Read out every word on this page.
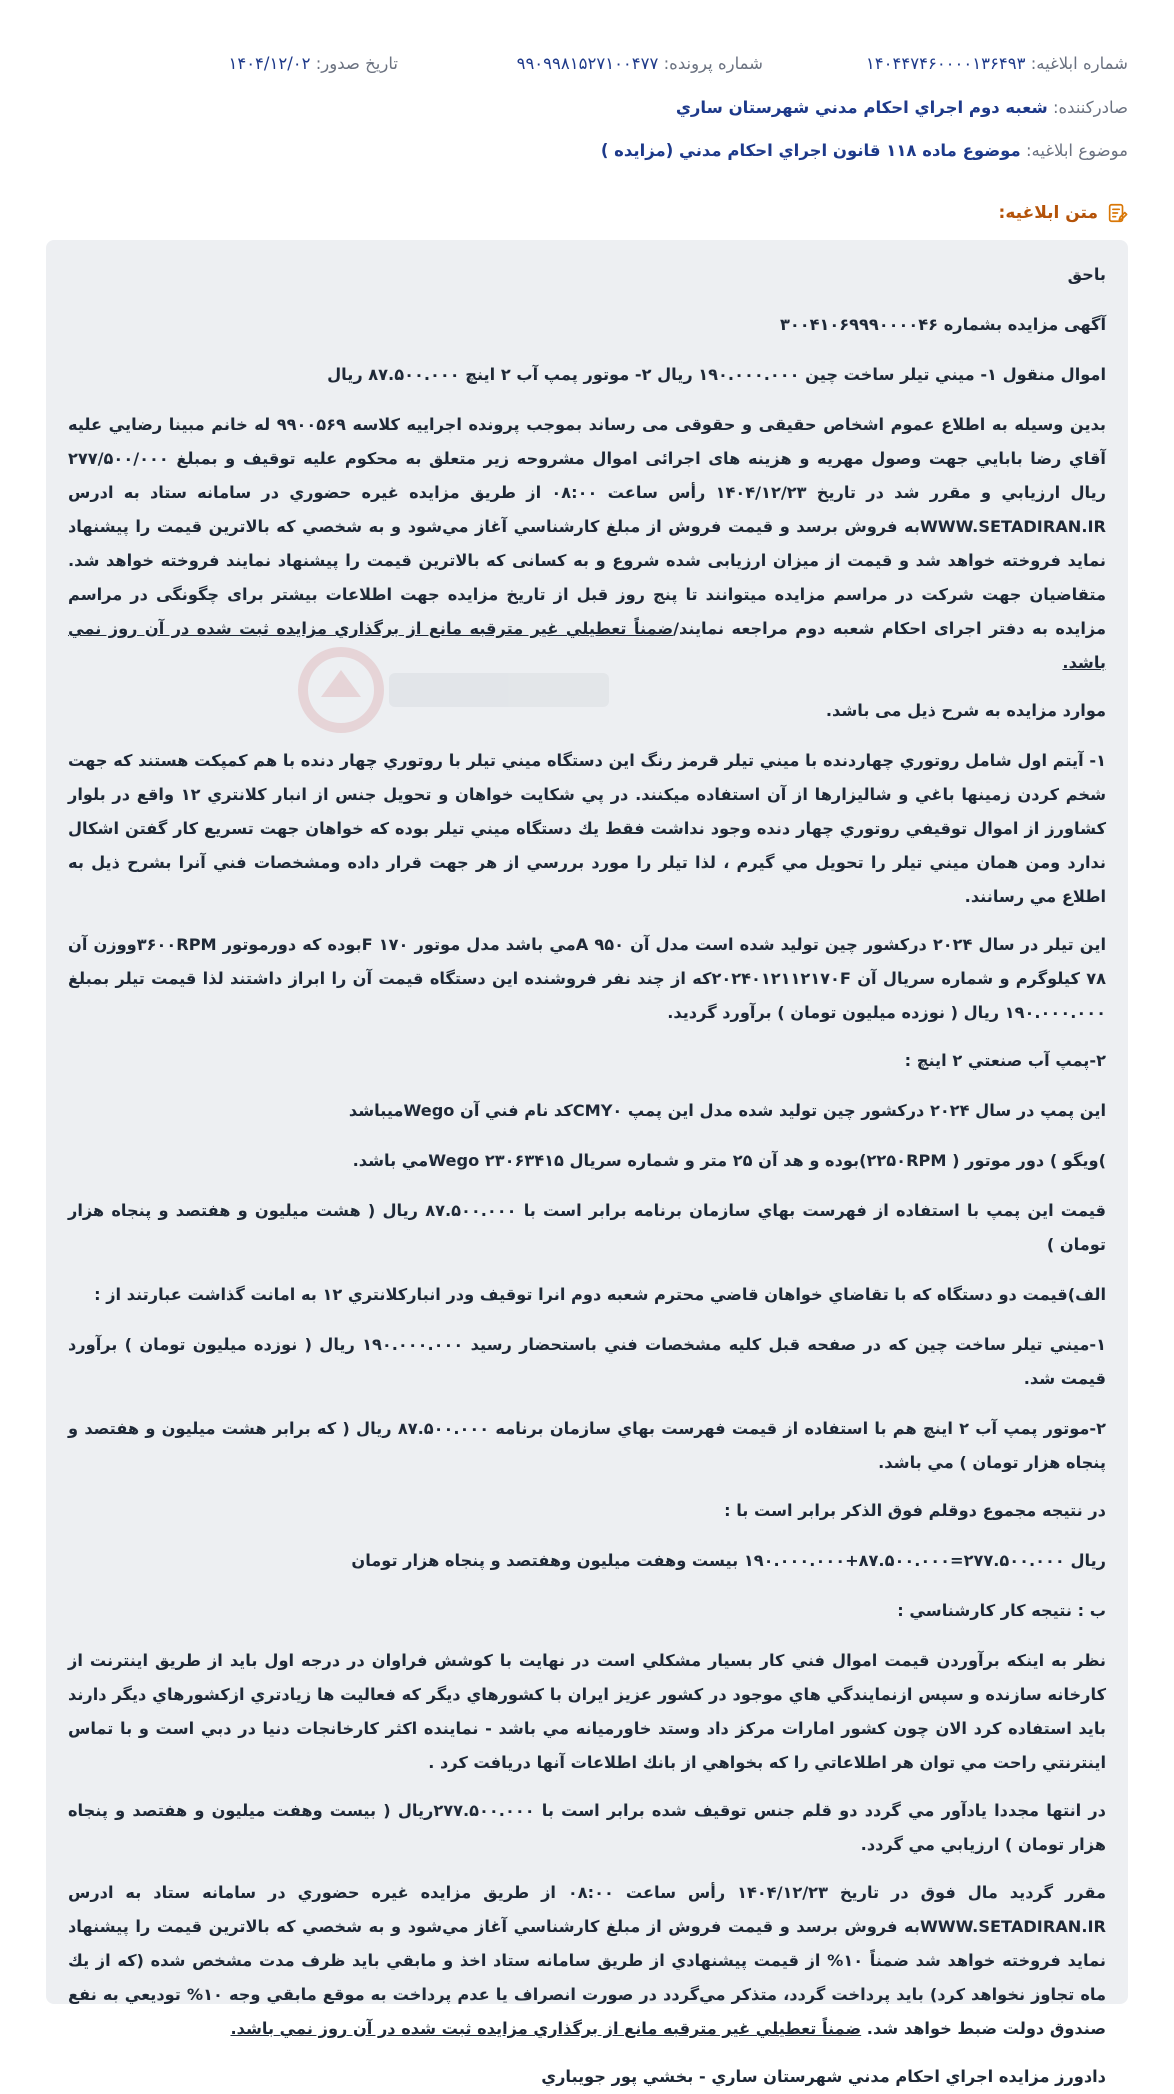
شماره ابلاغیه: ۱۴۰۴۴۷۴۶۰۰۰۰۱۳۶۴۹۳
شماره پرونده: ۹۹۰۹۹۸۱۵۲۷۱۰۰۴۷۷
تاریخ صدور: ۱۴۰۴/۱۲/۰۲
صادرکننده: شعبه دوم اجراي احكام مدني شهرستان ساري
موضوع ابلاغیه: موضوع ماده ۱۱۸ قانون اجراي احكام مدني (مزايده )
متن ابلاغیه:

باحق

آگهی مزایده بشماره ۳۰۰۴۱۰۶۹۹۹۰۰۰۰۴۶

اموال منقول ۱- ميني تيلر ساخت چين ۱۹۰.۰۰۰.۰۰۰ ريال ۲- موتور پمپ آب ۲ اينچ ۸۷.۵۰۰.۰۰۰ ريال

بدين وسيله به اطلاع عموم اشخاص حقيقی و حقوقی می رساند بموجب پرونده اجراییه كلاسه ۹۹۰۰۵۶۹ له خانم مبينا رضايي عليه آقاي رضا بابايي جهت وصول مهريه و هزينه های اجرائی اموال مشروحه زير متعلق به محكوم عليه توقيف و بمبلغ ۲۷۷/۵۰۰/۰۰۰ ريال ارزيابي و مقرر شد در تاريخ ۱۴۰۴/۱۲/۲۳ رأس ساعت ۰۸:۰۰ از طريق مزايده غيره حضوري در سامانه ستاد به ادرس WWW.SETADIRAN.IRبه فروش برسد و قيمت فروش از مبلغ كارشناسي آغاز مي‌شود و به شخصي كه بالاترين قيمت را پيشنهاد نمايد فروخته خواهد شد و قيمت از ميزان ارزيابی شده شروع و به کسانی که بالاترین قیمت را پیشنهاد نمایند فروخته خواهد شد. متقاضیان جهت شرکت در مراسم مزایده میتوانند تا پنج روز قبل از تاریخ مزایده جهت اطلاعات بیشتر برای چگونگی در مراسم مزایده به دفتر اجرای احکام شعبه دوم مراجعه نمایند/ضمناً تعطيلي غير مترقبه مانع از برگذاري مزايده ثبت شده در آن روز نمي باشد.

موارد مزایده به شرح ذیل می باشد.

۱- آيتم اول شامل روتوري چهاردنده با ميني تيلر قرمز رنگ اين دستگاه ميني تيلر با روتوري چهار دنده با هم كمپكت هستند كه جهت شخم كردن زمينها باغي و شاليزارها از آن استفاده ميكنند. در پي شكايت خواهان و تحويل جنس از انبار كلانتري ۱۲ واقع در بلوار كشاورز از اموال توقيفي روتوري چهار دنده وجود نداشت فقط يك دستگاه ميني تيلر بوده كه خواهان جهت تسريع كار گفتن اشكال ندارد ومن همان ميني تيلر را تحويل مي گيرم ، لذا تيلر را مورد بررسي از هر جهت قرار داده ومشخصات فني آنرا بشرح ذيل به اطلاع مي رسانند.

اين تيلر در سال ۲۰۲۴ دركشور چين توليد شده است مدل آن ۹۵۰ Aمي باشد مدل موتور ۱۷۰ Fبوده كه دورموتور ۳۶۰۰RPMووزن آن ۷۸ كيلوگرم و شماره سريال آن ۲۰۲۴۰۱۲۱۱۲۱۷۰Fكه از چند نفر فروشنده اين دستگاه قيمت آن را ابراز داشتند لذا قيمت تيلر بمبلغ ۱۹۰.۰۰۰.۰۰۰ ريال ( نوزده ميليون تومان ) برآورد گرديد.

۲-پمپ آب صنعتي ۲ اينچ :

اين پمپ در سال ۲۰۲۴ دركشور چين توليد شده مدل اين پمپ CMY۰كد نام فني آن Wegoميباشد

)ويگو ) دور موتور ( ۲۲۵۰RPM)بوده و هد آن ۲۵ متر و شماره سريال ۲۳۰۶۳۴۱۵ Wegoمي باشد.

قيمت اين پمپ با استفاده از فهرست بهاي سازمان برنامه برابر است با ۸۷.۵۰۰.۰۰۰ ريال ( هشت ميليون و هفتصد و پنجاه هزار تومان )

الف)قيمت دو دستگاه كه با تقاضاي خواهان قاضي محترم شعبه دوم انرا توقيف ودر انباركلانتري ۱۲ به امانت گذاشت عبارتند از :

۱-ميني تيلر ساخت چين كه در صفحه قبل كليه مشخصات فني باستحضار رسيد ۱۹۰.۰۰۰.۰۰۰ ريال ( نوزده ميليون تومان ) برآورد قيمت شد.

۲-موتور پمپ آب ۲ اينچ هم با استفاده از قيمت فهرست بهاي سازمان برنامه ۸۷.۵۰۰.۰۰۰ ريال ( كه برابر هشت ميليون و هفتصد و پنجاه هزار تومان ) مي باشد.

در نتيجه مجموع دوقلم فوق الذكر برابر است با :

ريال ۲۷۷.۵۰۰.۰۰۰=۸۷.۵۰۰.۰۰۰+۱۹۰.۰۰۰.۰۰۰ بيست وهفت ميليون وهفتصد و پنجاه هزار تومان

ب : نتيجه كار كارشناسي :

نظر به اينكه برآوردن قيمت اموال فني كار بسيار مشكلي است در نهايت با كوشش فراوان در درجه اول بايد از طريق اينترنت از كارخانه سازنده و سپس ازنمايندگي هاي موجود در كشور عزيز ايران با كشورهاي ديگر كه فعاليت ها زيادتري ازكشورهاي ديگر دارند بايد استفاده كرد الان چون كشور امارات مركز داد وستد خاورميانه مي باشد - نماينده اكثر كارخانجات دنيا در دبي است و با تماس اينترنتي راحت مي توان هر اطلاعاتي را كه بخواهي از بانك اطلاعات آنها دريافت كرد .

در انتها مجددا يادآور مي گردد دو قلم جنس توقيف شده برابر است با ۲۷۷.۵۰۰.۰۰۰ريال ( بيست وهفت ميليون و هفتصد و پنجاه هزار تومان ) ارزيابي مي گردد.

مقرر گرديد مال فوق در تاريخ ۱۴۰۴/۱۲/۲۳ رأس ساعت ۰۸:۰۰ از طريق مزايده غيره حضوري در سامانه ستاد به ادرس WWW.SETADIRAN.IRبه فروش برسد و قيمت فروش از مبلغ كارشناسي آغاز مي‌شود و به شخصي كه بالاترين قيمت را پيشنهاد نمايد فروخته خواهد شد ضمناً ۱۰% از قيمت پيشنهادي از طريق سامانه ستاد اخذ و مابقي بايد ظرف مدت مشخص شده (كه از يك ماه تجاوز نخواهد كرد) بايد پرداخت گردد، متذكر مي‌گردد در صورت انصراف يا عدم پرداخت به موقع مابقي وجه ۱۰% توديعي به نفع صندوق دولت ضبط خواهد شد. ضمناً تعطيلي غير مترقبه مانع از برگذاري مزايده ثبت شده در آن روز نمي باشد.

دادورز مزايده اجراي احكام مدني شهرستان ساري - بخشي پور جويباري
